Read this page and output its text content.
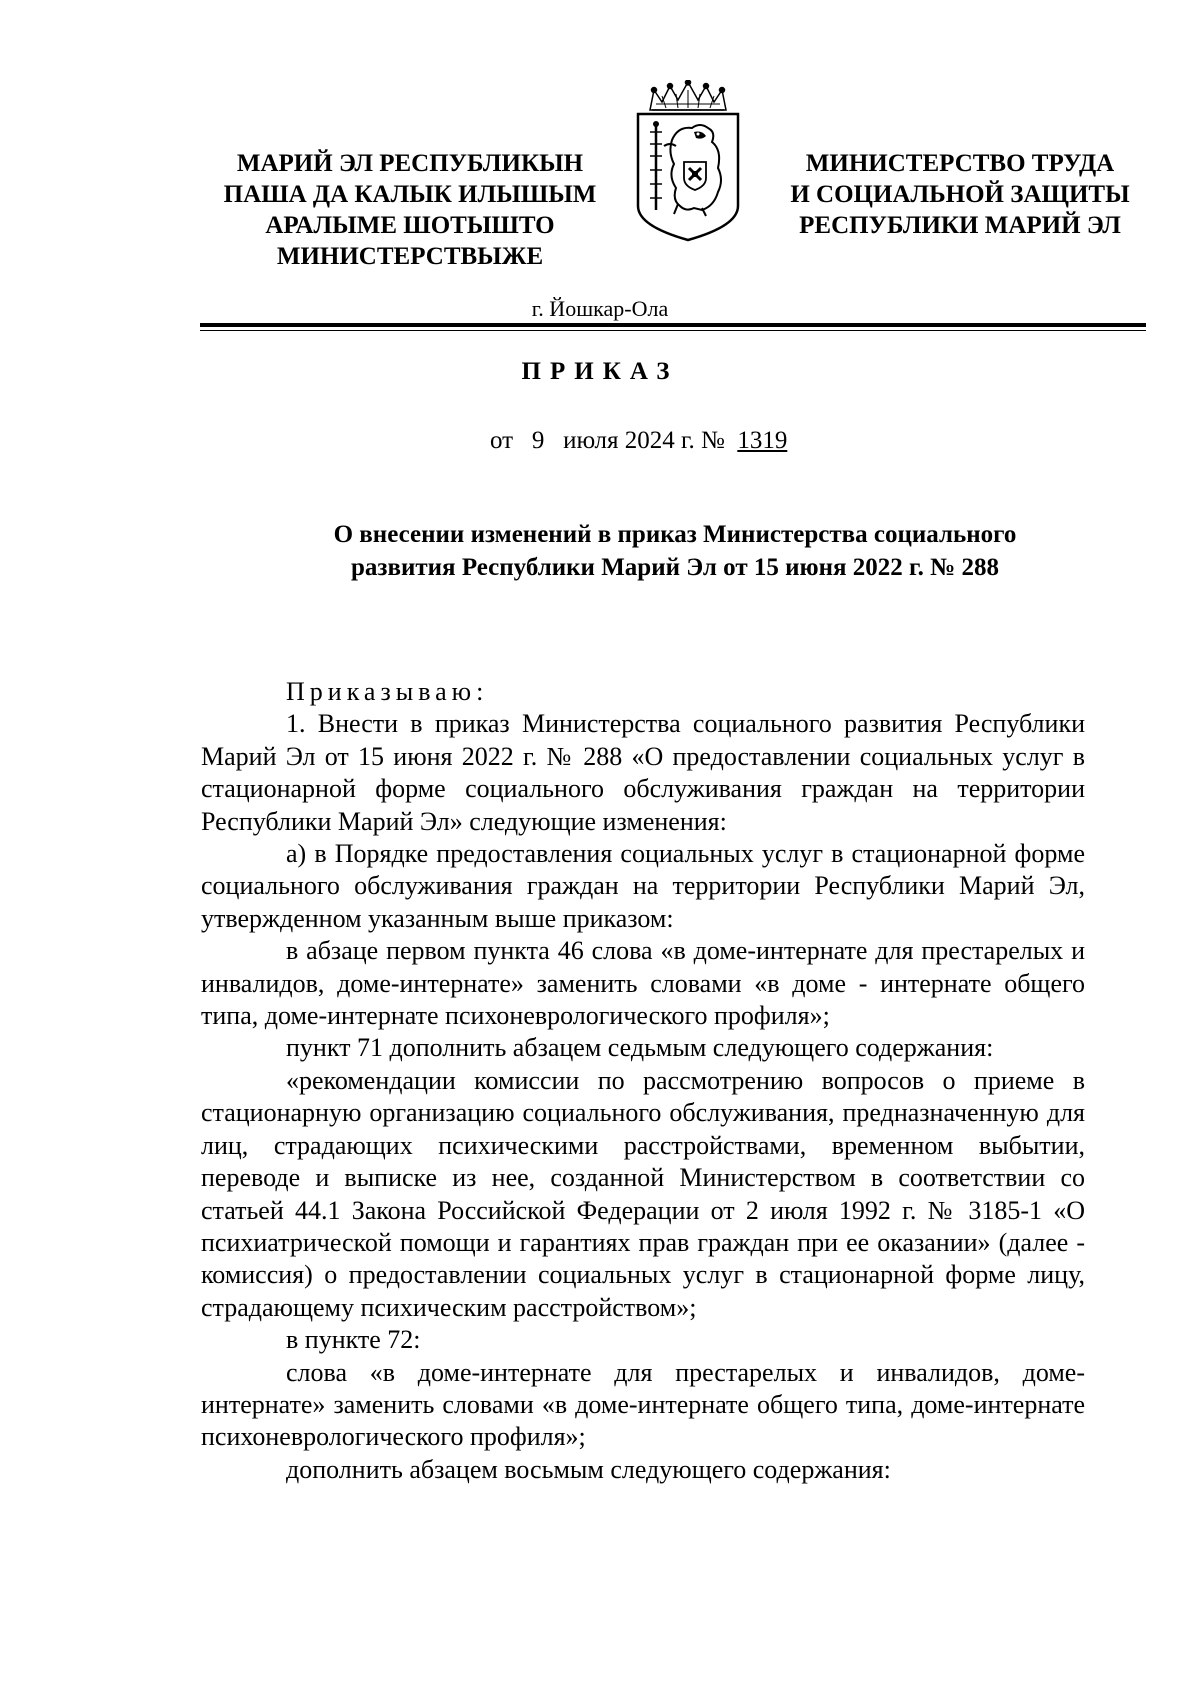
МАРИЙ ЭЛ РЕСПУБЛИКЫН
ПАША ДА КАЛЫК ИЛЫШЫМ
АРАЛЫМЕ ШОТЫШТО
МИНИСТЕРСТВЫЖЕ
МИНИСТЕРСТВО ТРУДА
И СОЦИАЛЬНОЙ ЗАЩИТЫ
РЕСПУБЛИКИ МАРИЙ ЭЛ
г. Йошкар-Ола
ПРИКАЗ
от 9 июля 2024 г. № 1319
О внесении изменений в приказ Министерства социального
развития Республики Марий Эл от 15 июня 2022 г. № 288

Приказываю:

1. Внести в приказ Министерства социального развития Республики Марий Эл от 15 июня 2022 г. № 288 «О предоставлении социальных услуг в стационарной форме социального обслуживания граждан на территории Республики Марий Эл» следующие изменения:

а) в Порядке предоставления социальных услуг в стационарной форме социального обслуживания граждан на территории Республики Марий Эл, утвержденном указанным выше приказом:

в абзаце первом пункта 46 слова «в доме-интернате для престарелых и инвалидов, доме-интернате» заменить словами «в доме - интернате общего типа, доме-интернате психоневрологического профиля»;

пункт 71 дополнить абзацем седьмым следующего содержания:

«рекомендации комиссии по рассмотрению вопросов о приеме в стационарную организацию социального обслуживания, предназначенную для лиц, страдающих психическими расстройствами, временном выбытии, переводе и выписке из нее, созданной Министерством в соответствии со статьей 44.1 Закона Российской Федерации от 2 июля 1992 г. № 3185-1 «О психиатрической помощи и гарантиях прав граждан при ее оказании» (далее - комиссия) о предоставлении социальных услуг в стационарной форме лицу, страдающему психическим расстройством»;

в пункте 72:

слова «в доме-интернате для престарелых и инвалидов, доме-интернате» заменить словами «в доме-интернате общего типа, доме-интернате психоневрологического профиля»;

дополнить абзацем восьмым следующего содержания:
